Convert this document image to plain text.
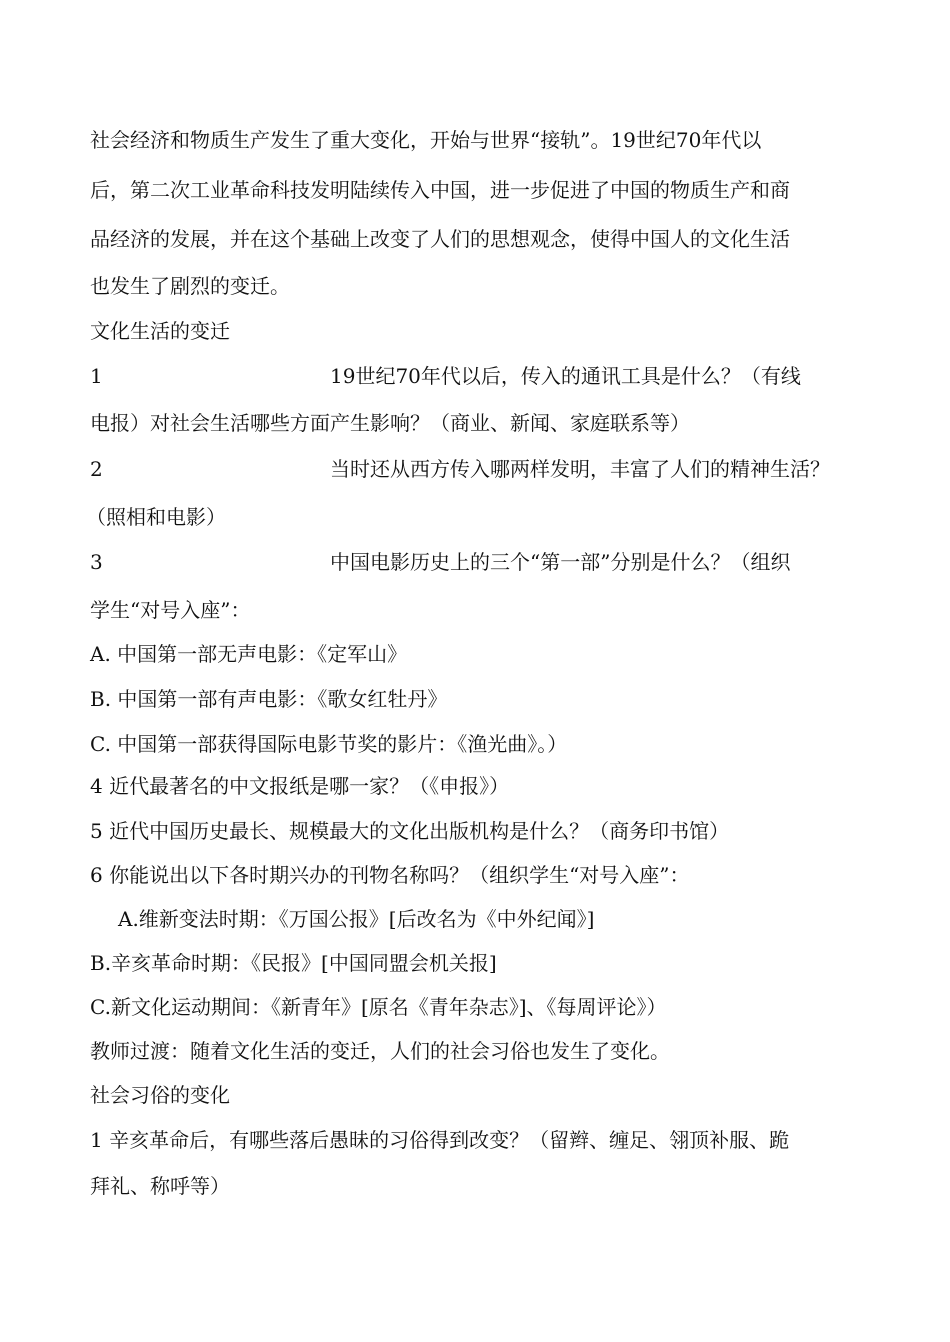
社会经济和物质生产发生了重大变化，开始与世界“接轨”。19世纪70年代以
后，第二次工业革命科技发明陆续传入中国，进一步促进了中国的物质生产和商
品经济的发展，并在这个基础上改变了人们的思想观念，使得中国人的文化生活
也发生了剧烈的变迁。
文化生活的变迁
1	19世纪70年代以后，传入的通讯工具是什么？（有线
电报）对社会生活哪些方面产生影响？（商业、新闻、家庭联系等）
2	当时还从西方传入哪两样发明，丰富了人们的精神生活？
（照相和电影）
3	中国电影历史上的三个“第一部”分别是什么？（组织
学生“对号入座”：
A. 中国第一部无声电影：《定军山》
B. 中国第一部有声电影：《歌女红牡丹》
C. 中国第一部获得国际电影节奖的影片：《渔光曲》。）
4 近代最著名的中文报纸是哪一家？（《申报》）
5 近代中国历史最长、规模最大的文化出版机构是什么？（商务印书馆）
6 你能说出以下各时期兴办的刊物名称吗？（组织学生“对号入座”：
A.维新变法时期：《万国公报》[后改名为《中外纪闻》]
B.辛亥革命时期：《民报》[中国同盟会机关报]
C.新文化运动期间：《新青年》[原名《青年杂志》]、《每周评论》）
教师过渡：随着文化生活的变迁，人们的社会习俗也发生了变化。
社会习俗的变化
1 辛亥革命后，有哪些落后愚昧的习俗得到改变？（留辫、缠足、翎顶补服、跪
拜礼、称呼等）
